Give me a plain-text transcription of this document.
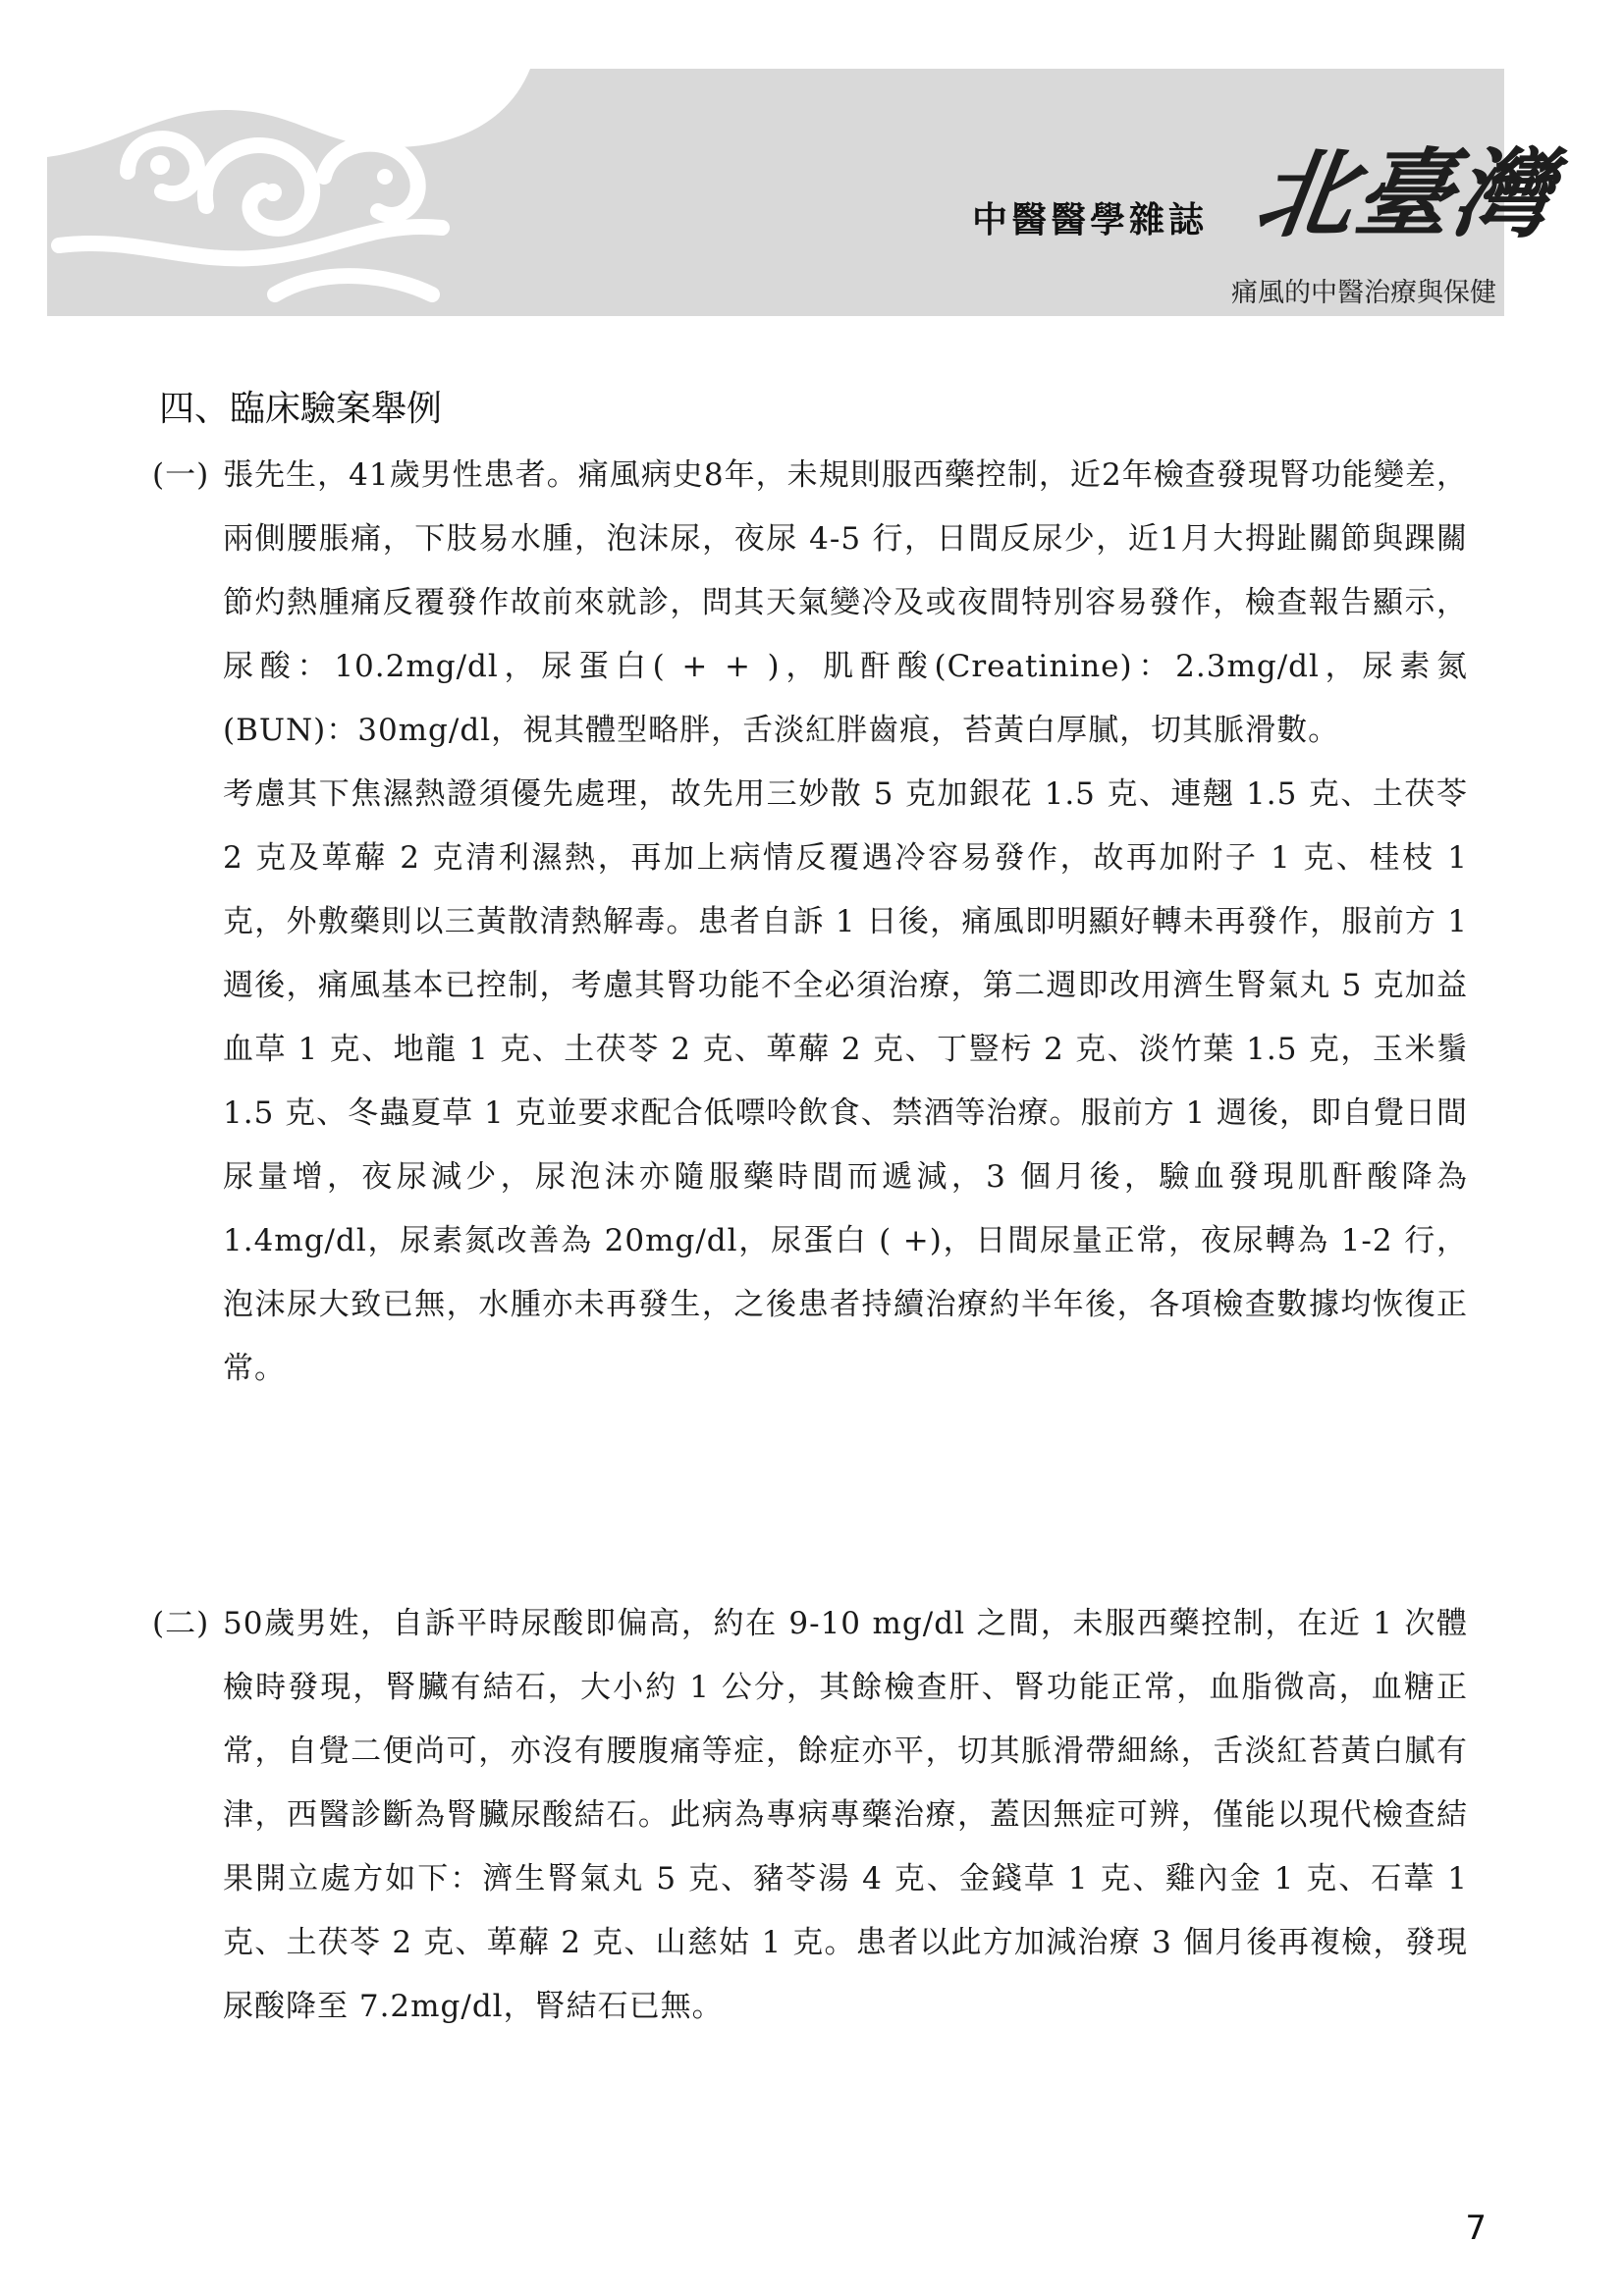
中醫醫學雜誌 北臺灣
痛風的中醫治療與保健
四、臨床驗案舉例
(一) 張先生，41歲男性患者。痛風病史8年，未規則服西藥控制，近2年檢查發現腎功能變差，兩側腰脹痛，下肢易水腫，泡沫尿，夜尿 4-5 行，日間反尿少，近1月大拇趾關節與踝關節灼熱腫痛反覆發作故前來就診，問其天氣變冷及或夜間特別容易發作，檢查報告顯示，尿酸：10.2mg/dl，尿蛋白( + + )，肌酐酸(Creatinine)：2.3mg/dl，尿素氮 (BUN)：30mg/dl，視其體型略胖，舌淡紅胖齒痕，苔黃白厚膩，切其脈滑數。

考慮其下焦濕熱證須優先處理，故先用三妙散 5 克加銀花 1.5 克、連翹 1.5 克、土茯苓 2 克及萆薢 2 克清利濕熱，再加上病情反覆遇冷容易發作，故再加附子 1 克、桂枝 1 克，外敷藥則以三黃散清熱解毒。患者自訴 1 日後，痛風即明顯好轉未再發作，服前方 1 週後，痛風基本已控制，考慮其腎功能不全必須治療，第二週即改用濟生腎氣丸 5 克加益血草 1 克、地龍 1 克、土茯苓 2 克、萆薢 2 克、丁豎杇 2 克、淡竹葉 1.5 克，玉米鬚 1.5 克、冬蟲夏草 1 克並要求配合低嘌呤飲食、禁酒等治療。服前方 1 週後，即自覺日間尿量增，夜尿減少，尿泡沫亦隨服藥時間而遞減，3 個月後，驗血發現肌酐酸降為 1.4mg/dl，尿素氮改善為 20mg/dl，尿蛋白 ( +)，日間尿量正常，夜尿轉為 1-2 行，泡沫尿大致已無，水腫亦未再發生，之後患者持續治療約半年後，各項檢查數據均恢復正常。

(二) 50歲男姓，自訴平時尿酸即偏高，約在 9-10 mg/dl 之間，未服西藥控制，在近 1 次體檢時發現，腎臟有結石，大小約 1 公分，其餘檢查肝、腎功能正常，血脂微高，血糖正常，自覺二便尚可，亦沒有腰腹痛等症，餘症亦平，切其脈滑帶細絲，舌淡紅苔黃白膩有津，西醫診斷為腎臟尿酸結石。此病為專病專藥治療，蓋因無症可辨，僅能以現代檢查結果開立處方如下：濟生腎氣丸 5 克、豬苓湯 4 克、金錢草 1 克、雞內金 1 克、石葦 1 克、土茯苓 2 克、萆薢 2 克、山慈姑 1 克。患者以此方加減治療 3 個月後再複檢，發現尿酸降至 7.2mg/dl，腎結石已無。

7
